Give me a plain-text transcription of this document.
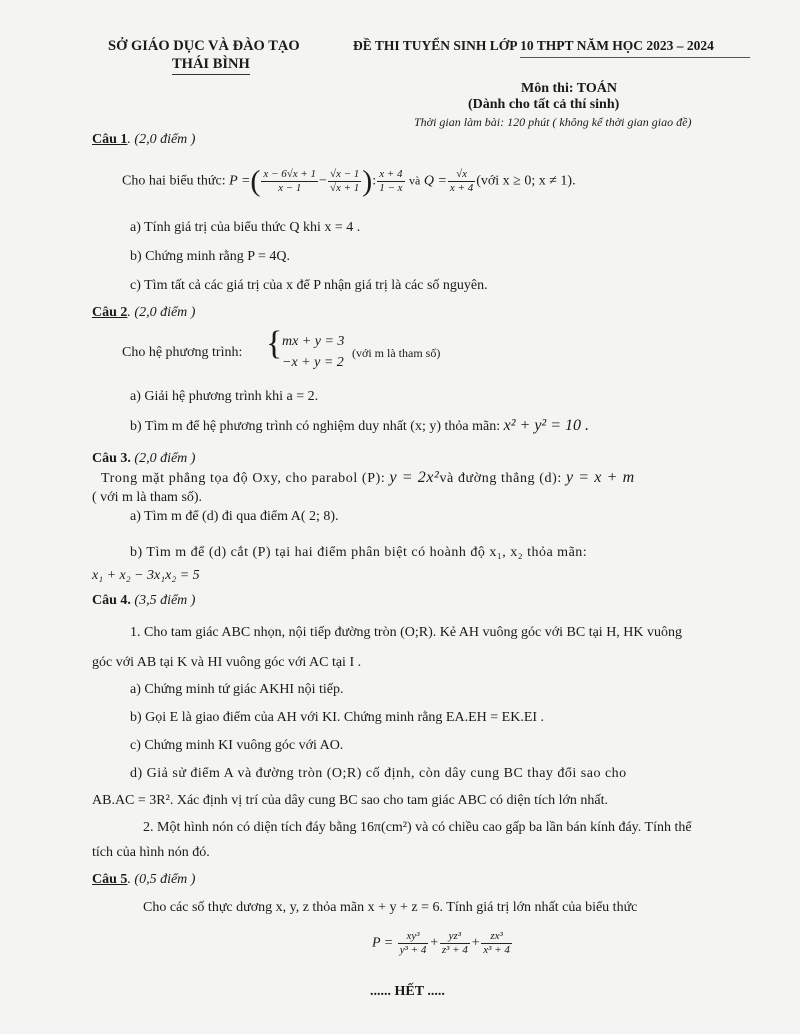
SỞ GIÁO DỤC VÀ ĐÀO TẠO
THÁI BÌNH
ĐỀ THI TUYỂN SINH LỚP 10 THPT NĂM HỌC 2023 – 2024
Môn thi: TOÁN
(Dành cho tất cả thí sinh)
Thời gian làm bài: 120 phút ( không kể thời gian giao đề)
Câu 1. (2,0 điểm )
Cho hai biểu thức: P =( $\frac{x - 6√x + 1}{x - 1} - \frac{√x - 1}{√x + 1}$ ): $\frac{x + 4}{1 - x}$ và $Q = \frac{√x}{x + 4}$ (với x ≥ 0; x ≠ 1).
a) Tính giá trị của biểu thức Q khi x = 4 .
b) Chứng minh rằng P = 4Q.
c) Tìm tất cả các giá trị của x để P nhận giá trị là các số nguyên.
Câu 2. (2,0 điểm )
Cho hệ phương trình: { mx + y = 3
−x + y = 2
(với m là tham số)
a) Giải hệ phương trình khi a = 2.
b) Tìm m để hệ phương trình có nghiệm duy nhất (x; y) thỏa mãn: x² + y² = 10 .
Câu 3. (2,0 điểm )
Trong mặt phẳng tọa độ Oxy, cho parabol (P): y = 2x²và đường thẳng (d): y = x + m
( với m là tham số).
a) Tìm m để (d) đi qua điểm A( 2; 8).
b) Tìm m để (d) cắt (P) tại hai điểm phân biệt có hoành độ x₁, x₂ thỏa mãn:
x₁ + x₂ − 3x₁x₂ = 5
Câu 4. (3,5 điểm )
1. Cho tam giác ABC nhọn, nội tiếp đường tròn (O;R). Kẻ AH vuông góc với BC tại H, HK vuông
góc với AB tại K và HI vuông góc với AC tại I .
a) Chứng minh tứ giác AKHI nội tiếp.
b) Gọi E là giao điểm của AH với KI. Chứng minh rằng EA.EH = EK.EI .
c) Chứng minh KI vuông góc với AO.
d) Giả sử điểm A và đường tròn (O;R) cố định, còn dây cung BC thay đổi sao cho
AB.AC = 3R². Xác định vị trí của dây cung BC sao cho tam giác ABC có diện tích lớn nhất.
2. Một hình nón có diện tích đáy bằng 16π(cm²) và có chiều cao gấp ba lần bán kính đáy. Tính thể
tích của hình nón đó.
Câu 5. (0,5 điểm )
Cho các số thực dương x, y, z thỏa mãn x + y + z = 6. Tính giá trị lớn nhất của biểu thức
$P = \frac{\text{xy³}}{\text{y³ + 4}} + \frac{\text{yz³}}{\text{z³ + 4}} + \frac{\text{zx³}}{\text{x³ + 4}}$
...... HẾT .....
